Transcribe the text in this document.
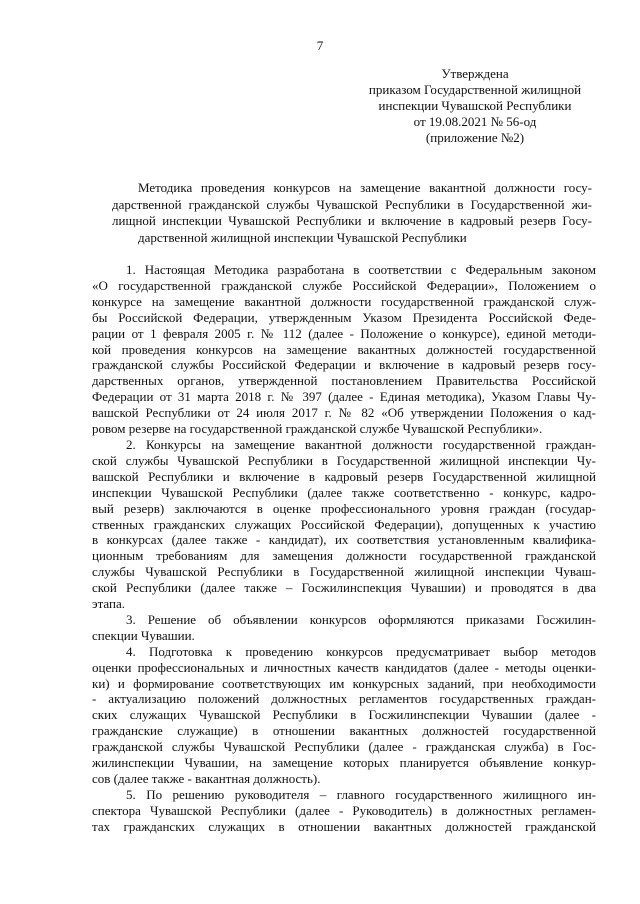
7
Утверждена
приказом Государственной жилищной
инспекции Чувашской Республики
от 19.08.2021 № 56-од
(приложение №2)
Методика проведения конкурсов на замещение вакантной должности госу-
дарственной гражданской службы Чувашской Республики в Государственной жи-
лищной инспекции Чувашской Республики и включение в кадровый резерв Госу-
дарственной жилищной инспекции Чувашской Республики
1. Настоящая Методика разработана в соответствии с Федеральным законом
«О государственной гражданской службе Российской Федерации», Положением о
конкурсе на замещение вакантной должности государственной гражданской служ-
бы Российской Федерации, утвержденным Указом Президента Российской Феде-
рации от 1 февраля 2005 г. № 112 (далее - Положение о конкурсе), единой методи-
кой проведения конкурсов на замещение вакантных должностей государственной
гражданской службы Российской Федерации и включение в кадровый резерв госу-
дарственных органов, утвержденной постановлением Правительства Российской
Федерации от 31 марта 2018 г. № 397 (далее - Единая методика), Указом Главы Чу-
вашской Республики от 24 июля 2017 г. № 82 «Об утверждении Положения о кад-
ровом резерве на государственной гражданской службе Чувашской Республики».
2. Конкурсы на замещение вакантной должности государственной граждан-
ской службы Чувашской Республики в Государственной жилищной инспекции Чу-
вашской Республики и включение в кадровый резерв Государственной жилищной
инспекции Чувашской Республики (далее также соответственно - конкурс, кадро-
вый резерв) заключаются в оценке профессионального уровня граждан (государ-
ственных гражданских служащих Российской Федерации), допущенных к участию
в конкурсах (далее также - кандидат), их соответствия установленным квалифика-
ционным требованиям для замещения должности государственной гражданской
службы Чувашской Республики в Государственной жилищной инспекции Чуваш-
ской Республики (далее также – Госжилинспекция Чувашии) и проводятся в два
этапа.
3. Решение об объявлении конкурсов оформляются приказами Госжилин-
спекции Чувашии.
4. Подготовка к проведению конкурсов предусматривает выбор методов
оценки профессиональных и личностных качеств кандидатов (далее - методы оценки-
ки) и формирование соответствующих им конкурсных заданий, при необходимости
- актуализацию положений должностных регламентов государственных граждан-
ских служащих Чувашской Республики в Госжилинспекции Чувашии (далее -
гражданские служащие) в отношении вакантных должностей государственной
гражданской службы Чувашской Республики (далее - гражданская служба) в Гос-
жилинспекции Чувашии, на замещение которых планируется объявление конкур-
сов (далее также - вакантная должность).
5. По решению руководителя – главного государственного жилищного ин-
спектора Чувашской Республики (далее - Руководитель) в должностных регламен-
тах гражданских служащих в отношении вакантных должностей гражданской
